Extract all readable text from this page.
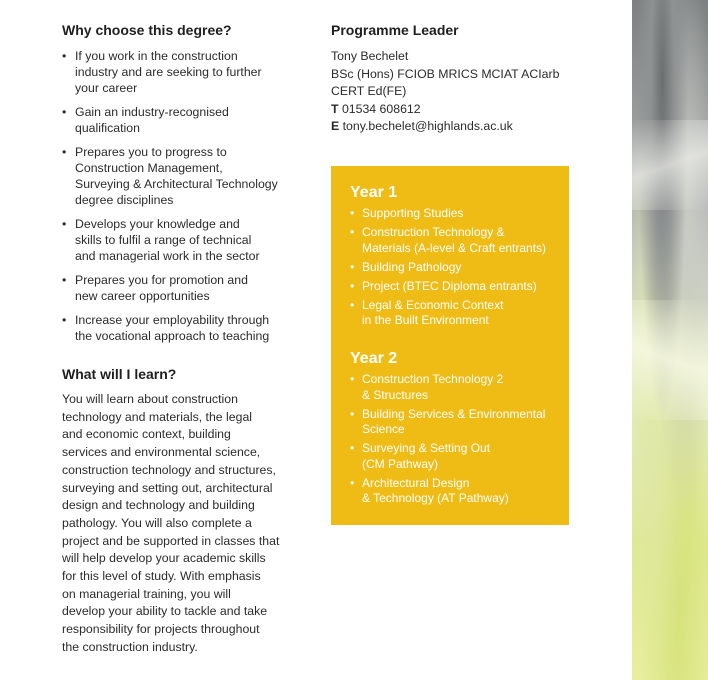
Why choose this degree?
• If you work in the construction
industry and are seeking to further
your career
• Gain an industry-recognised
qualification
• Prepares you to progress to
Construction Management,
Surveying & Architectural Technology
degree disciplines
• Develops your knowledge and
skills to fulfil a range of technical
and managerial work in the sector
• Prepares you for promotion and
new career opportunities
• Increase your employability through
the vocational approach to teaching
What will I learn?

You will learn about construction
technology and materials, the legal
and economic context, building
services and environmental science,
construction technology and structures,
surveying and setting out, architectural
design and technology and building
pathology. You will also complete a
project and be supported in classes that
will help develop your academic skills
for this level of study. With emphasis
on managerial training, you will
develop your ability to tackle and take
responsibility for projects throughout
the construction industry.

Programme Leader
Tony Bechelet
BSc (Hons) FCIOB MRICS MCIAT ACIarb
CERT Ed(FE)
T 01534 608612
E tony.bechelet@highlands.ac.uk
Year 1
• Supporting Studies
• Construction Technology &
Materials (A-level & Craft entrants)
• Building Pathology
• Project (BTEC Diploma entrants)
• Legal & Economic Context
in the Built Environment
Year 2
• Construction Technology 2
& Structures
• Building Services & Environmental
Science
• Surveying & Setting Out
(CM Pathway)
• Architectural Design
& Technology (AT Pathway)
